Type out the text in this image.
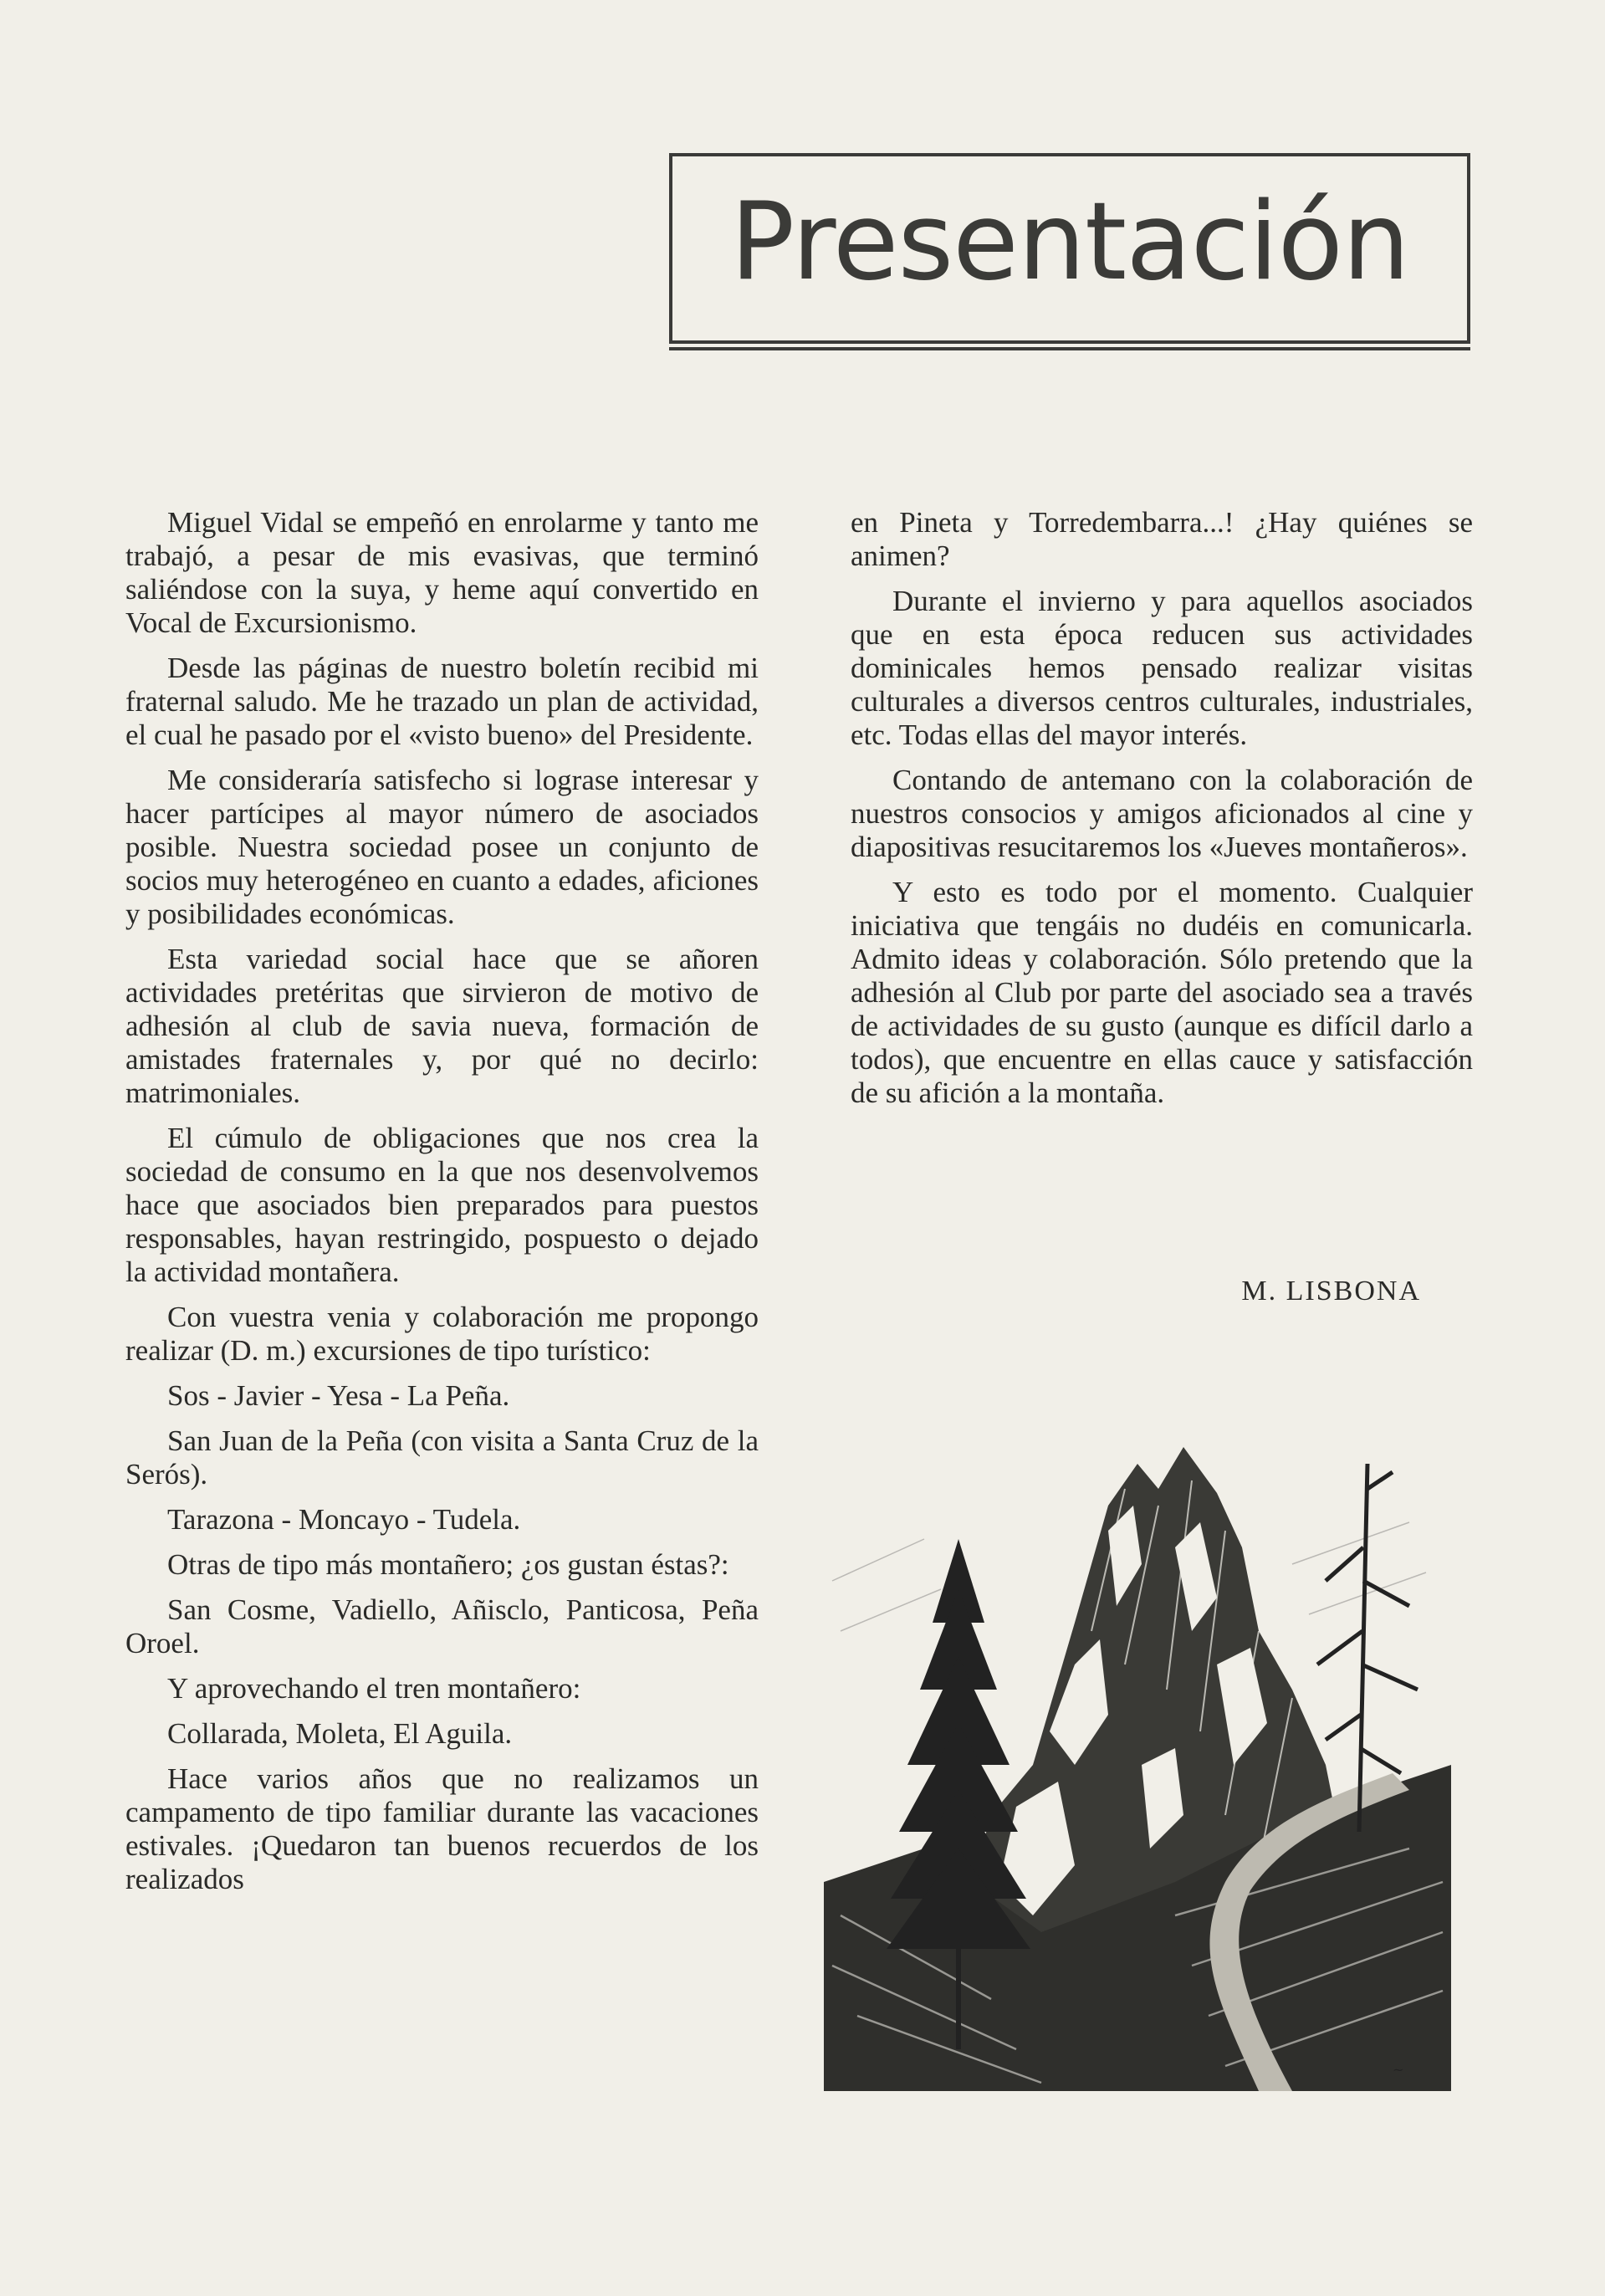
Presentación

Miguel Vidal se empeñó en enrolarme y tanto me trabajó, a pesar de mis evasivas, que terminó saliéndose con la suya, y heme aquí convertido en Vocal de Excursionismo.

Desde las páginas de nuestro boletín recibid mi fraternal saludo. Me he trazado un plan de actividad, el cual he pasado por el «visto bueno» del Presidente.

Me consideraría satisfecho si lograse interesar y hacer partícipes al mayor número de asociados posible. Nuestra sociedad posee un conjunto de socios muy heterogéneo en cuanto a edades, aficiones y posibilidades económicas.

Esta variedad social hace que se añoren actividades pretéritas que sirvieron de motivo de adhesión al club de savia nueva, formación de amistades fraternales y, por qué no decirlo: matrimoniales.

El cúmulo de obligaciones que nos crea la sociedad de consumo en la que nos desenvolvemos hace que asociados bien preparados para puestos responsables, hayan restringido, pospuesto o dejado la actividad montañera.

Con vuestra venia y colaboración me propongo realizar (D. m.) excursiones de tipo turístico:

Sos - Javier - Yesa - La Peña.

San Juan de la Peña (con visita a Santa Cruz de la Serós).

Tarazona - Moncayo - Tudela.

Otras de tipo más montañero; ¿os gustan éstas?:

San Cosme, Vadiello, Añisclo, Panticosa, Peña Oroel.

Y aprovechando el tren montañero:

Collarada, Moleta, El Aguila.

Hace varios años que no realizamos un campamento de tipo familiar durante las vacaciones estivales. ¡Quedaron tan buenos recuerdos de los realizados

en Pineta y Torredembarra...! ¿Hay quiénes se animen?

Durante el invierno y para aquellos asociados que en esta época reducen sus actividades dominicales hemos pensado realizar visitas culturales a diversos centros culturales, industriales, etc. Todas ellas del mayor interés.

Contando de antemano con la colaboración de nuestros consocios y amigos aficionados al cine y diapositivas resucitaremos los «Jueves montañeros».

Y esto es todo por el momento. Cualquier iniciativa que tengáis no dudéis en comunicarla. Admito ideas y colaboración. Sólo pretendo que la adhesión al Club por parte del asociado sea a través de actividades de su gusto (aunque es difícil darlo a todos), que encuentre en ellas cauce y satisfacción de su afición a la montaña.

M. LISBONA
~
